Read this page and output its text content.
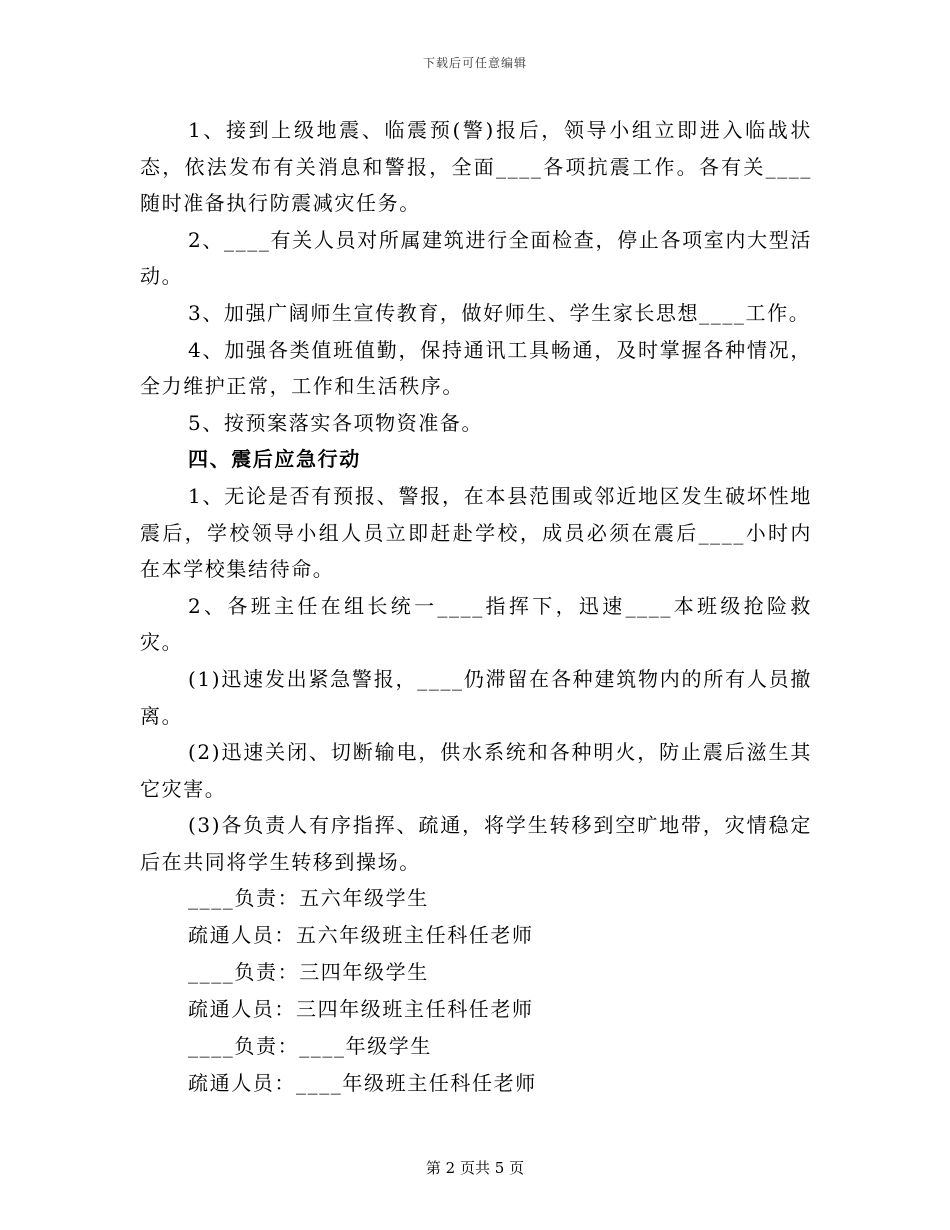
下载后可任意编辑

1、接到上级地震、临震预(警)报后，领导小组立即进入临战状态，依法发布有关消息和警报，全面____各项抗震工作。各有关____随时准备执行防震减灾任务。

2、____有关人员对所属建筑进行全面检查，停止各项室内大型活动。

3、加强广阔师生宣传教育，做好师生、学生家长思想____工作。

4、加强各类值班值勤，保持通讯工具畅通，及时掌握各种情况，全力维护正常，工作和生活秩序。

5、按预案落实各项物资准备。

四、震后应急行动

1、无论是否有预报、警报，在本县范围或邻近地区发生破坏性地震后，学校领导小组人员立即赶赴学校，成员必须在震后____小时内在本学校集结待命。

2、各班主任在组长统一____指挥下，迅速____本班级抢险救灾。

(1)迅速发出紧急警报，____仍滞留在各种建筑物内的所有人员撤离。

(2)迅速关闭、切断输电，供水系统和各种明火，防止震后滋生其它灾害。

(3)各负责人有序指挥、疏通，将学生转移到空旷地带，灾情稳定后在共同将学生转移到操场。

____负责：五六年级学生

疏通人员：五六年级班主任科任老师

____负责：三四年级学生

疏通人员：三四年级班主任科任老师

____负责：____年级学生

疏通人员：____年级班主任科任老师

第 2 页共 5 页
